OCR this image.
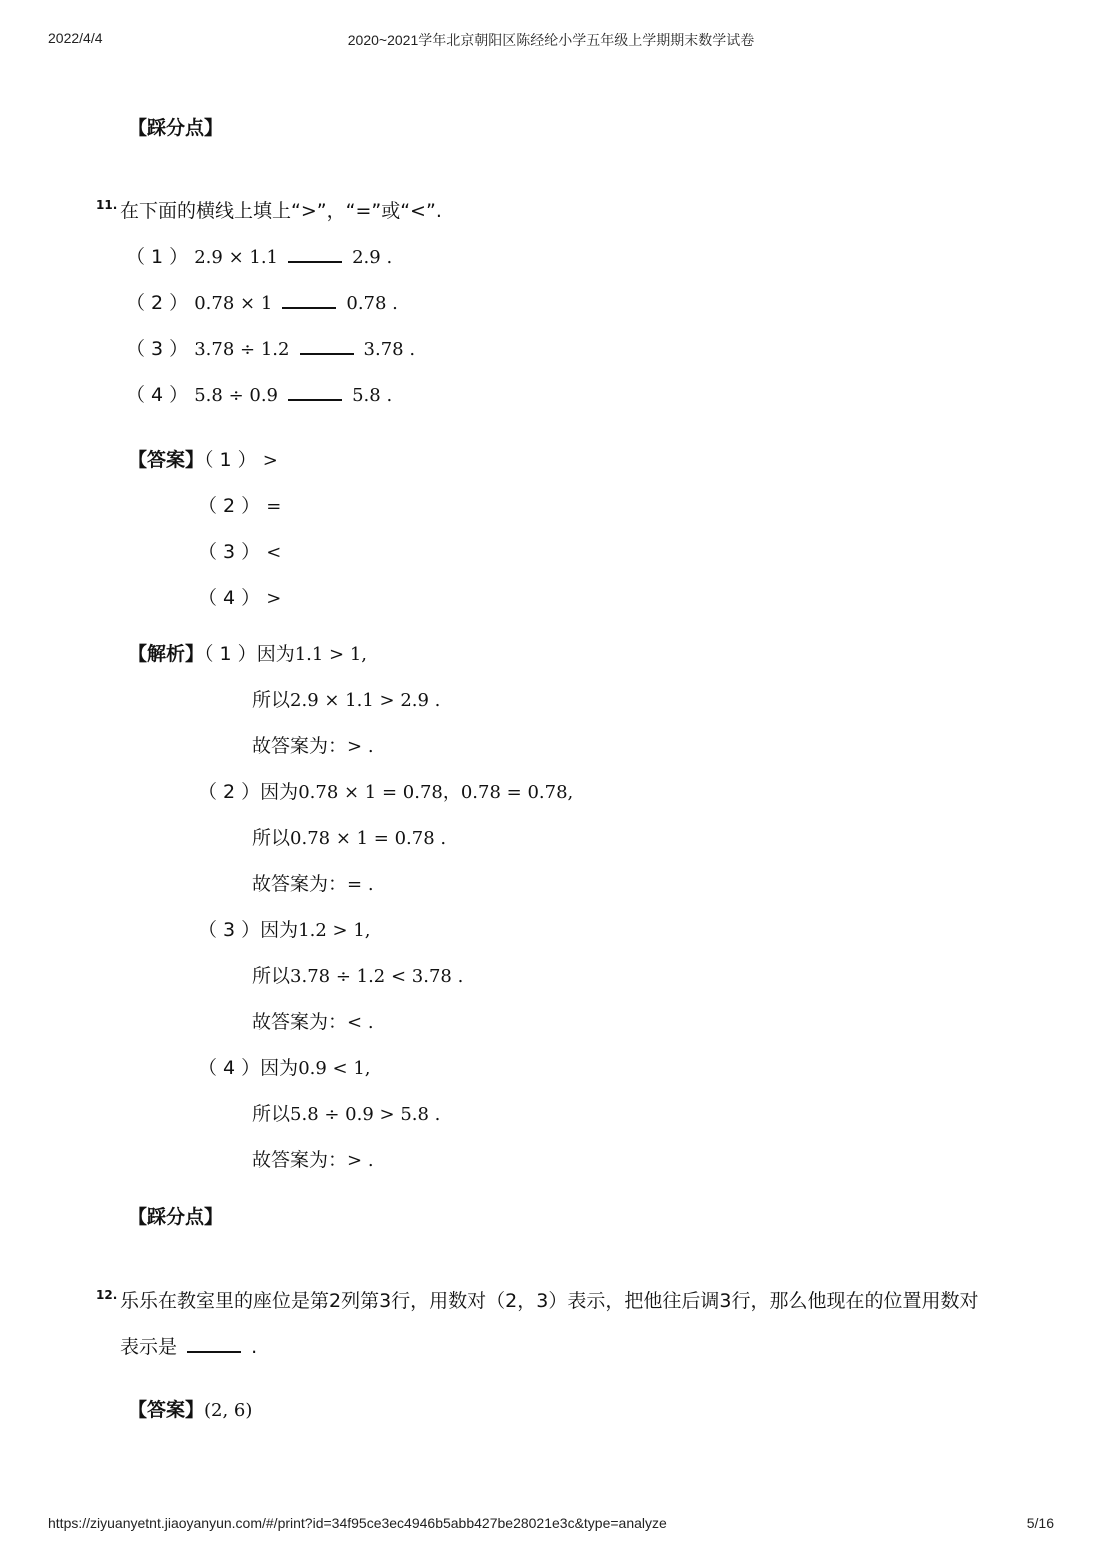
2022/4/4	2020~2021学年北京朝阳区陈经纶小学五年级上学期期末数学试卷
【踩分点】
11. 在下面的横线上填上“>”，“=”或“<”.
（ 1 ） 2.9 × 1.1	2.9 .
（ 2 ） 0.78 × 1	0.78 .
（ 3 ） 3.78 ÷ 1.2	3.78 .
（ 4 ） 5.8 ÷ 0.9	5.8 .
【答案】（ 1 ） >
（ 2 ） =
（ 3 ） <
（ 4 ） >
【解析】（ 1 ）因为1.1 > 1,
所以2.9 × 1.1 > 2.9 .
故答案为：> .
（ 2 ）因为0.78 × 1 = 0.78，0.78 = 0.78,
所以0.78 × 1 = 0.78 .
故答案为：= .
（ 3 ）因为1.2 > 1,
所以3.78 ÷ 1.2 < 3.78 .
故答案为：< .
（ 4 ）因为0.9 < 1,
所以5.8 ÷ 0.9 > 5.8 .
故答案为：> .
【踩分点】
12. 乐乐在教室里的座位是第2列第3行，用数对（2，3）表示，把他往后调3行，那么他现在的位置用数对
表示是	.
【答案】(2, 6)
https://ziyuanyetnt.jiaoyanyun.com/#/print?id=34f95ce3ec4946b5abb427be28021e3c&type=analyze	5/16
